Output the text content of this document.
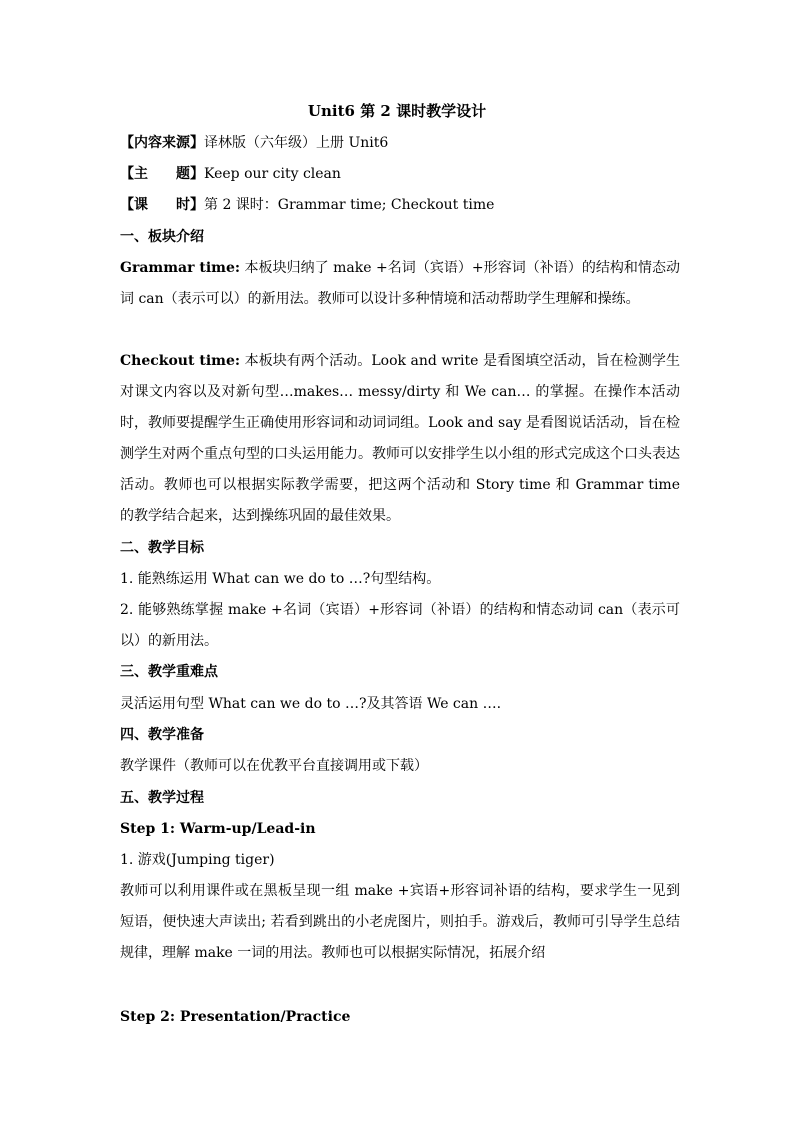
Unit6 第 2 课时教学设计
【内容来源】译林版（六年级）上册 Unit6
【主　　题】Keep our city clean
【课　　时】第 2 课时：Grammar time; Checkout time
一、板块介绍
Grammar time: 本板块归纳了 make +名词（宾语）+形容词（补语）的结构和情态动词 can（表示可以）的新用法。教师可以设计多种情境和活动帮助学生理解和操练。
Checkout time: 本板块有两个活动。Look and write 是看图填空活动，旨在检测学生对课文内容以及对新句型…makes… messy/dirty 和 We can… 的掌握。在操作本活动时，教师要提醒学生正确使用形容词和动词词组。Look and say 是看图说话活动，旨在检测学生对两个重点句型的口头运用能力。教师可以安排学生以小组的形式完成这个口头表达活动。教师也可以根据实际教学需要，把这两个活动和 Story time 和 Grammar time 的教学结合起来，达到操练巩固的最佳效果。
二、教学目标
1. 能熟练运用 What can we do to …?句型结构。
2. 能够熟练掌握 make +名词（宾语）+形容词（补语）的结构和情态动词 can（表示可以）的新用法。
三、教学重难点
灵活运用句型 What can we do to …?及其答语 We can ….
四、教学准备
教学课件（教师可以在优教平台直接调用或下载）
五、教学过程
Step 1: Warm-up/Lead-in
1. 游戏(Jumping tiger)
教师可以利用课件或在黑板呈现一组 make +宾语+形容词补语的结构，要求学生一见到短语，便快速大声读出; 若看到跳出的小老虎图片，则拍手。游戏后，教师可引导学生总结规律，理解 make 一词的用法。教师也可以根据实际情况，拓展介绍
Step 2: Presentation/Practice
